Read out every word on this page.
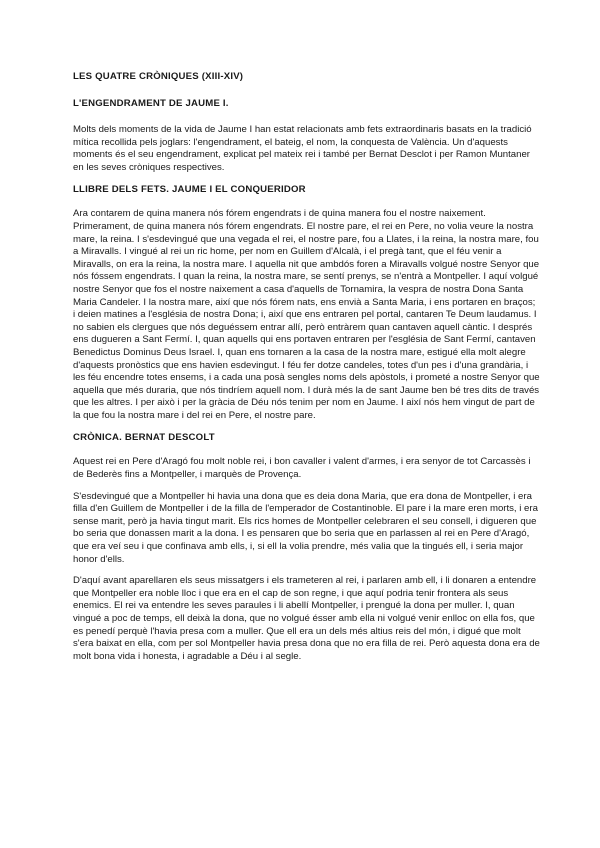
LES QUATRE CRÒNIQUES (XIII-XIV)
L'ENGENDRAMENT DE JAUME I.

Molts dels moments de la vida de Jaume I han estat relacionats amb fets extraordinaris basats en la tradició mítica recollida pels joglars: l'engendrament, el bateig, el nom, la conquesta de València. Un d'aquests moments és el seu engendrament, explicat pel mateix rei i també per Bernat Desclot i per Ramon Muntaner en les seves cròniques respectives.

LLIBRE DELS FETS. JAUME I EL CONQUERIDOR

Ara contarem de quina manera nós fórem engendrats i de quina manera fou el nostre naixement. Primerament, de quina manera nós fórem engendrats. El nostre pare, el rei en Pere, no volia veure la nostra mare, la reina. I s'esdevingué que una vegada el rei, el nostre pare, fou a Llates, i la reina, la nostra mare, fou a Miravalls. I vingué al rei un ric home, per nom en Guillem d'Alcalà, i el pregà tant, que el féu venir a Miravalls, on era la reina, la nostra mare. I aquella nit que ambdós foren a Miravalls volgué nostre Senyor que nós fóssem engendrats. I quan la reina, la nostra mare, se sentí prenys, se n'entrà a Montpeller. I aquí volgué nostre Senyor que fos el nostre naixement a casa d'aquells de Tornamira, la vespra de nostra Dona Santa Maria Candeler. I la nostra mare, així que nós fórem nats, ens envià a Santa Maria, i ens portaren en braços; i deien matines a l'església de nostra Dona; i, així que ens entraren pel portal, cantaren Te Deum laudamus. I no sabien els clergues que nós deguéssem entrar allí, però entràrem quan cantaven aquell càntic. I després ens dugueren a Sant Fermí. I, quan aquells qui ens portaven entraren per l'església de Sant Fermí, cantaven Benedictus Dominus Deus Israel. I, quan ens tornaren a la casa de la nostra mare, estigué ella molt alegre d'aquests pronòstics que ens havien esdevingut. I féu fer dotze candeles, totes d'un pes i d'una grandària, i les féu encendre totes ensems, i a cada una posà sengles noms dels apòstols, i prometé a nostre Senyor que aquella que més duraria, que nós tindríem aquell nom. I durà més la de sant Jaume ben bé tres dits de través que les altres. I per això i per la gràcia de Déu nós tenim per nom en Jaume. I així nós hem vingut de part de la que fou la nostra mare i del rei en Pere, el nostre pare.

CRÒNICA. BERNAT DESCOLT

Aquest rei en Pere d'Aragó fou molt noble rei, i bon cavaller i valent d'armes, i era senyor de tot Carcassès i de Bederès fins a Montpeller, i marquès de Provença.

S'esdevingué que a Montpeller hi havia una dona que es deia dona Maria, que era dona de Montpeller, i era filla d'en Guillem de Montpeller i de la filla de l'emperador de Costantinoble. El pare i la mare eren morts, i era sense marit, però ja havia tingut marit. Els rics homes de Montpeller celebraren el seu consell, i digueren que bo seria que donassen marit a la dona. I es pensaren que bo seria que en parlassen al rei en Pere d'Aragó, que era veí seu i que confinava amb ells, i, si ell la volia prendre, més valia que la tingués ell, i seria major honor d'ells.

D'aquí avant aparellaren els seus missatgers i els trameteren al rei, i parlaren amb ell, i li donaren a entendre que Montpeller era noble lloc i que era en el cap de son regne, i que aquí podria tenir frontera als seus enemics. El rei va entendre les seves paraules i li abellí Montpeller, i prengué la dona per muller. I, quan vingué a poc de temps, ell deixà la dona, que no volgué ésser amb ella ni volgué venir enlloc on ella fos, que es penedí perquè l'havia presa com a muller. Que ell era un dels més altius reis del món, i digué que molt s'era baixat en ella, com per sol Montpeller havia presa dona que no era filla de rei. Però aquesta dona era de molt bona vida i honesta, i agradable a Déu i al segle.
